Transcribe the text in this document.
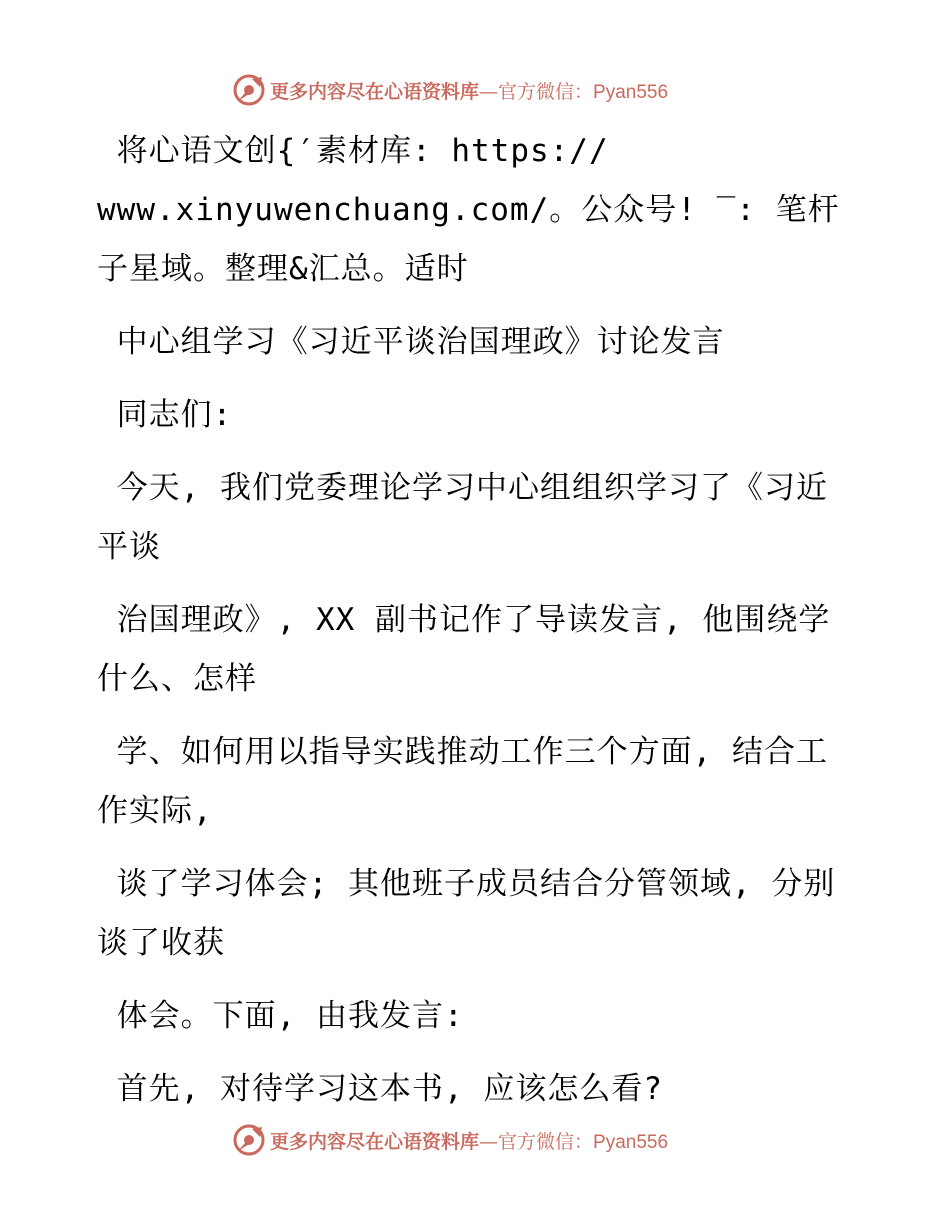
更多内容尽在心语资料库—官方微信：Pyan556

将心语文创{′素材库: https://
www.xinyuwenchuang.com/。公众号! ‾: 笔杆子星域。整理&汇总。适时

中心组学习《习近平谈治国理政》讨论发言

同志们:

今天, 我们党委理论学习中心组组织学习了《习近平谈

治国理政》, XX 副书记作了导读发言, 他围绕学什么、怎样

学、如何用以指导实践推动工作三个方面, 结合工作实际,

谈了学习体会; 其他班子成员结合分管领域, 分别谈了收获

体会。下面, 由我发言:

首先, 对待学习这本书, 应该怎么看?

更多内容尽在心语资料库—官方微信：Pyan556
